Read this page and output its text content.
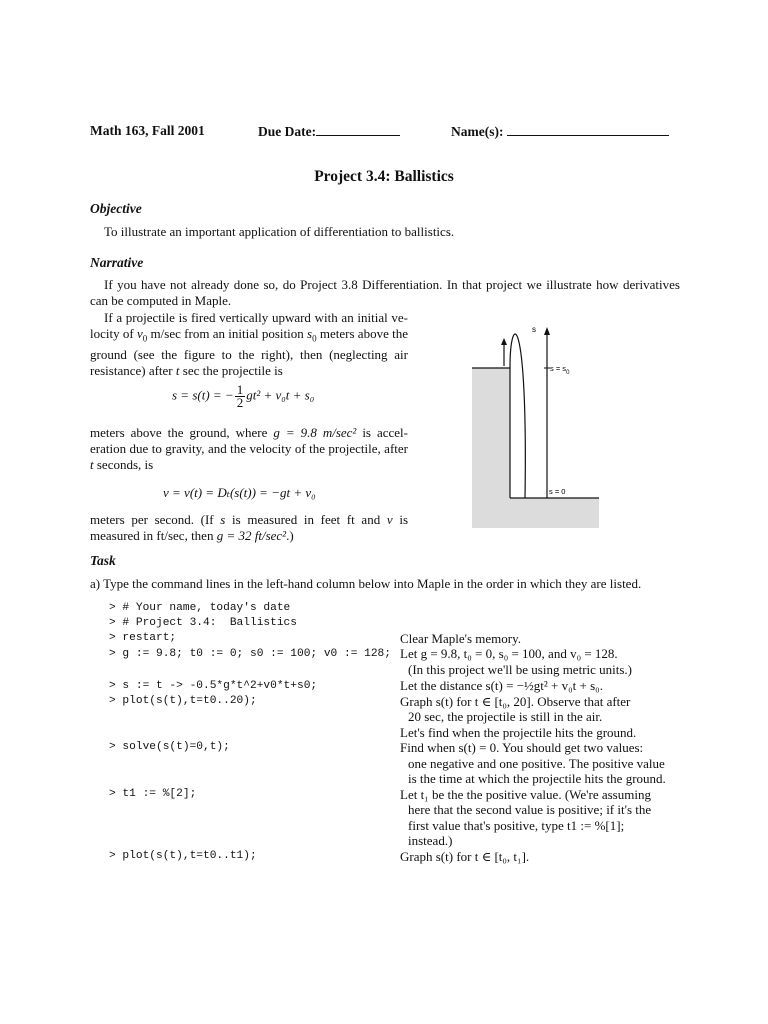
Math 163, Fall 2001	Due Date:	Name(s):
Project 3.4: Ballistics
Objective
To illustrate an important application of differentiation to ballistics.
Narrative
If you have not already done so, do Project 3.8 Differentiation. In that project we illustrate how derivatives can be computed in Maple.
If a projectile is fired vertically upward with an initial ve-locity of $v_0$ m/sec from an initial position $s_0$ meters above the ground (see the figure to the right), then (neglecting air resistance) after t sec the projectile is
s = s(t) = − $\frac{1}{2} gt^2 + v_0t + s_0$
meters above the ground, where g = 9.8 m/sec² is accel-eration due to gravity, and the velocity of the projectile, after t seconds, is
v = v(t) = Dₜ(s(t)) = −gt + v₀
meters per second. (If s is measured in feet ft and v is measured in ft/sec, then g = 32 ft/sec².)
s
$s = s_0$
s = 0
Task
a) Type the command lines in the left-hand column below into Maple in the order in which they are listed.
> # Your name, today's date
> # Project 3.4:  Ballistics
> restart;
> g := 9.8; t0 := 0; s0 := 100; v0 := 128;
> s := t -> -0.5*g*t^2+v0*t+s0;
> plot(s(t),t=t0..20);
> solve(s(t)=0,t);
> t1 := %[2];
> plot(s(t),t=t0..t1);
Clear Maple's memory.
Let g = 9.8, t₀ = 0, s₀ = 100, and v₀ = 128.
(In this project we'll be using metric units.)
Let the distance s(t) = −½gt² + v₀t + s₀.
Graph s(t) for t ∈ [t₀, 20]. Observe that after
20 sec, the projectile is still in the air.
Let's find when the projectile hits the ground.
Find when s(t) = 0. You should get two values:
one negative and one positive. The positive value
is the time at which the projectile hits the ground.
Let t₁ be the the positive value. (We're assuming
here that the second value is positive; if it's the
first value that's positive, type t1 := %[1];
instead.)
Graph s(t) for t ∈ [t₀, t₁].
